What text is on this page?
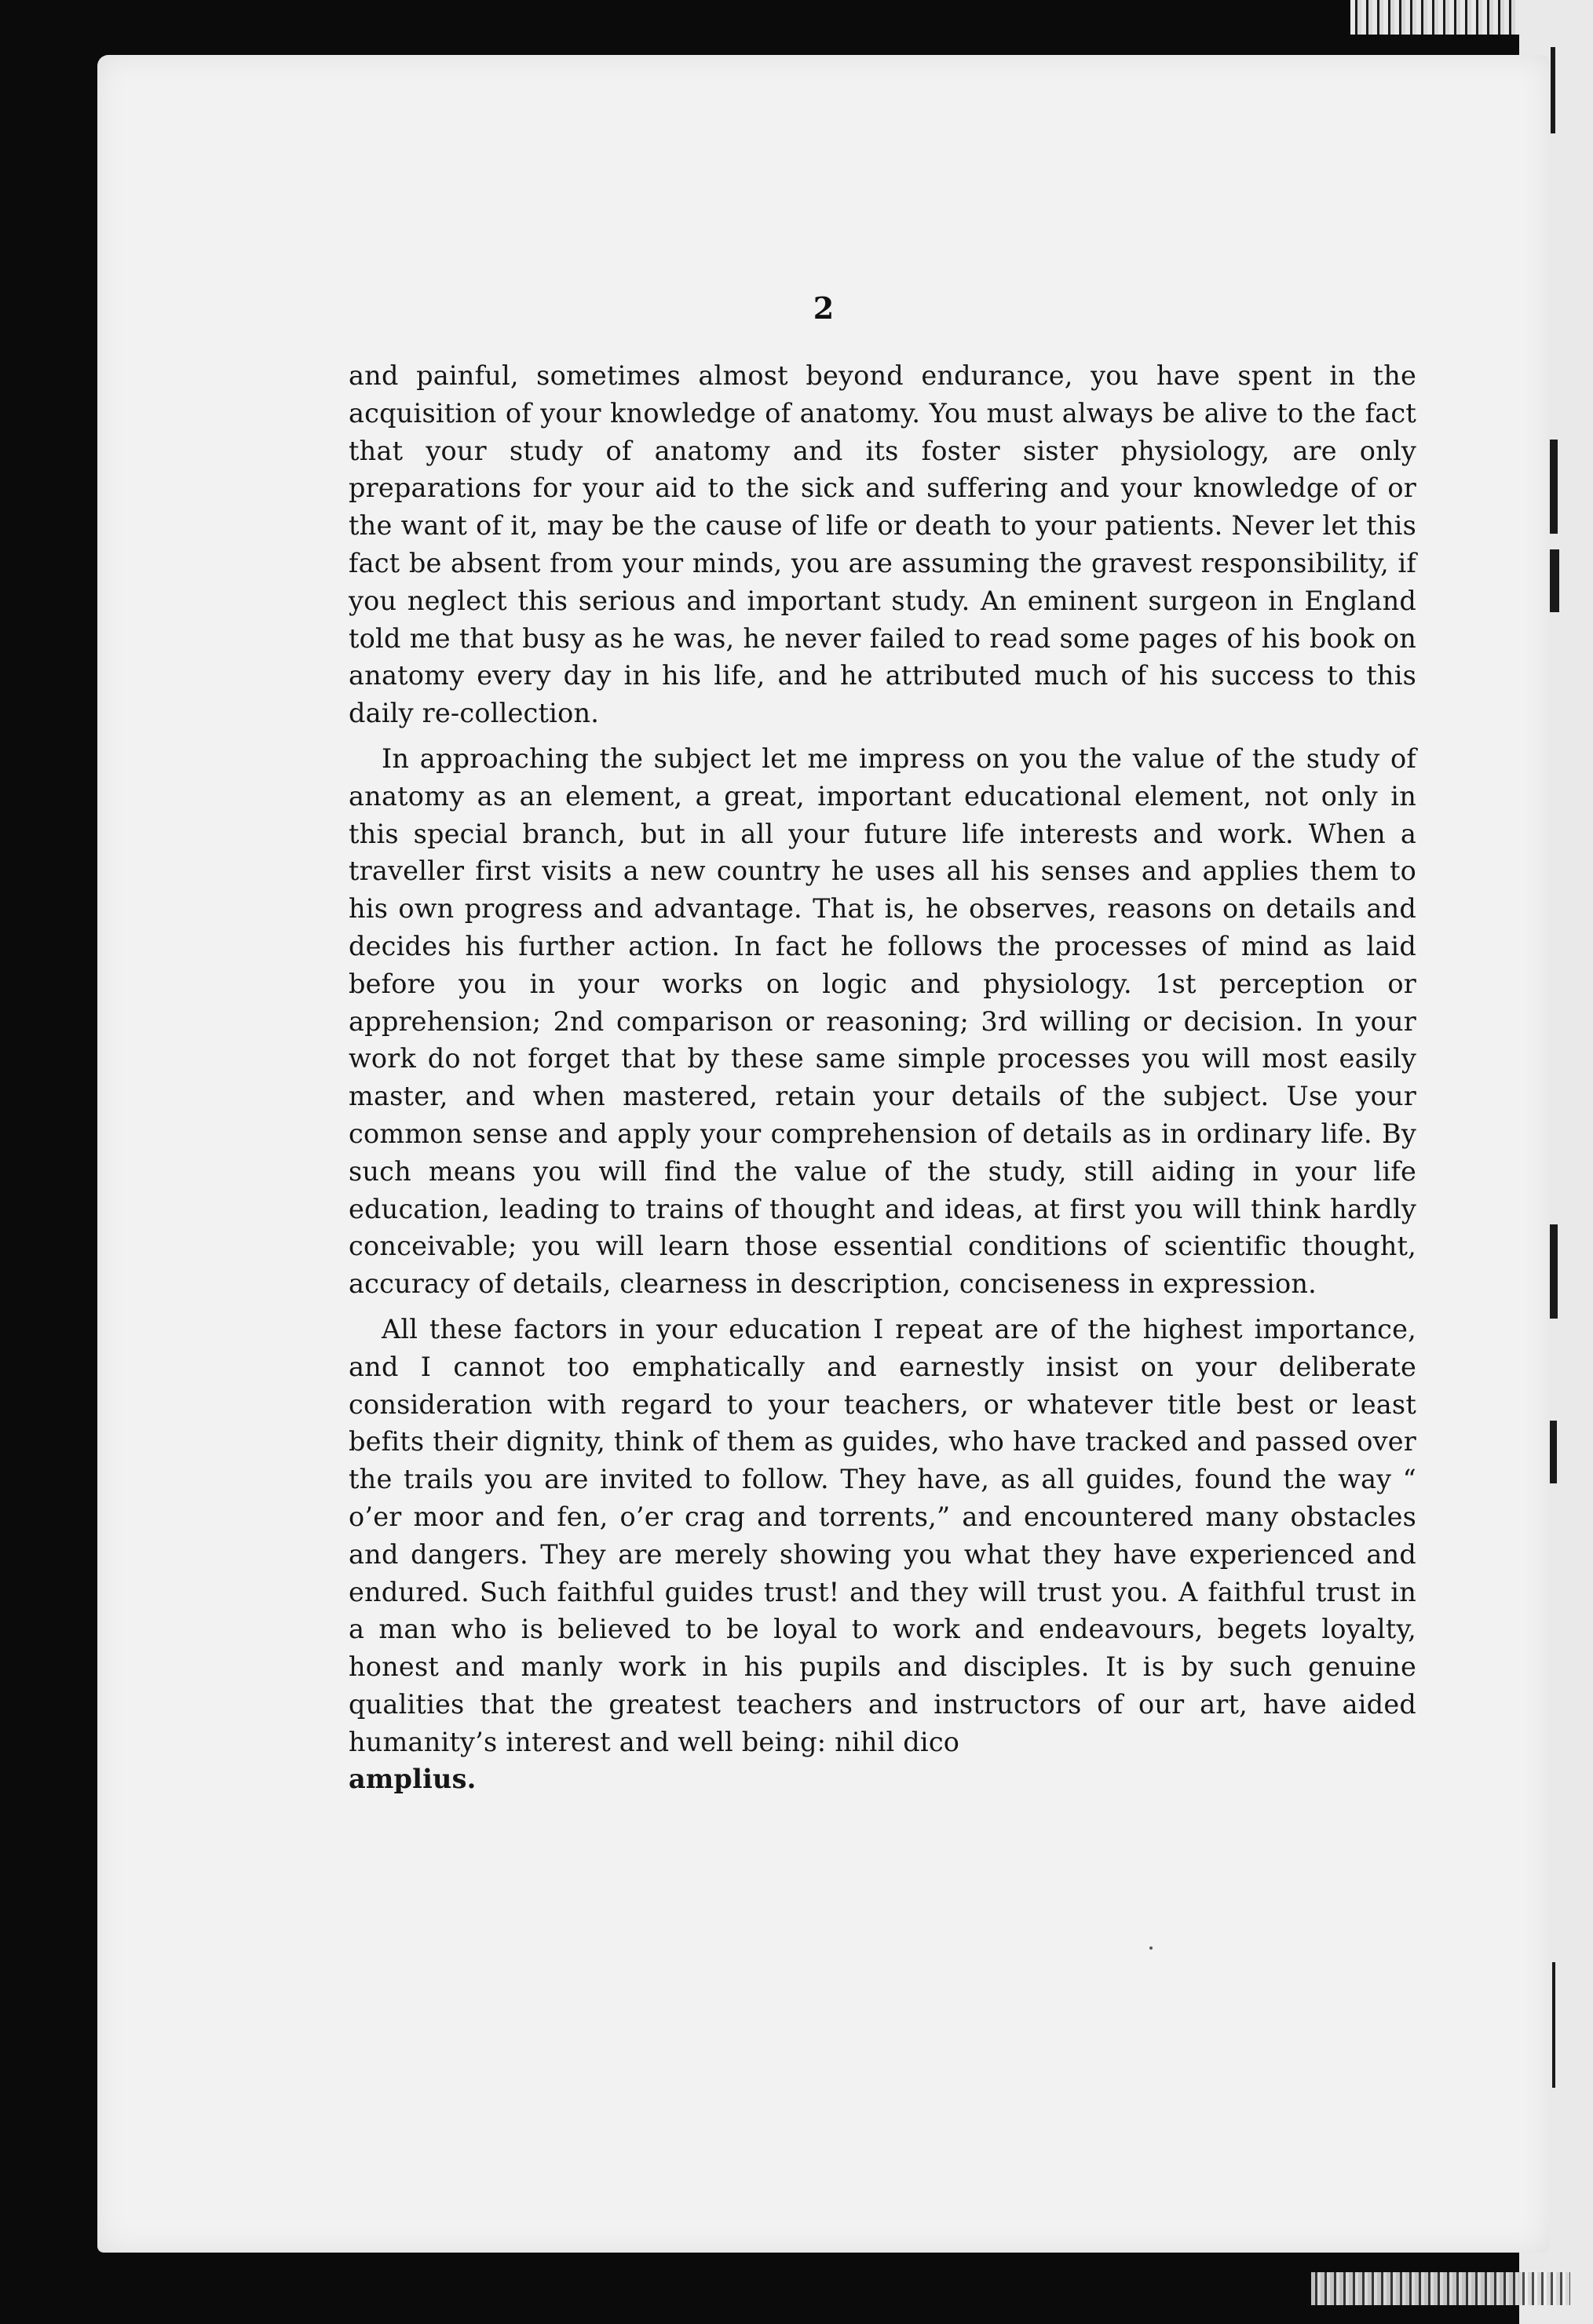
2

and painful, sometimes almost beyond endurance, you have spent in the acquisition of your knowledge of anatomy. You must always be alive to the fact that your study of anatomy and its foster sister physiology, are only preparations for your aid to the sick and suffering and your knowledge of or the want of it, may be the cause of life or death to your patients. Never let this fact be absent from your minds, you are assuming the gravest responsibility, if you neglect this serious and important study. An eminent surgeon in England told me that busy as he was, he never failed to read some pages of his book on anatomy every day in his life, and he attributed much of his success to this daily re-collection.

In approaching the subject let me impress on you the value of the study of anatomy as an element, a great, important educational element, not only in this special branch, but in all your future life interests and work. When a traveller first visits a new country he uses all his senses and applies them to his own progress and advantage. That is, he observes, reasons on details and decides his further action. In fact he follows the processes of mind as laid before you in your works on logic and physiology. 1st perception or apprehension; 2nd comparison or reasoning; 3rd willing or decision. In your work do not forget that by these same simple processes you will most easily master, and when mastered, retain your details of the subject. Use your common sense and apply your comprehension of details as in ordinary life. By such means you will find the value of the study, still aiding in your life education, leading to trains of thought and ideas, at first you will think hardly conceivable; you will learn those essential conditions of scientific thought, accuracy of details, clearness in description, conciseness in expression.

All these factors in your education I repeat are of the highest importance, and I cannot too emphatically and earnestly insist on your deliberate consideration with regard to your teachers, or whatever title best or least befits their dignity, think of them as guides, who have tracked and passed over the trails you are invited to follow. They have, as all guides, found the way “ o’er moor and fen, o’er crag and torrents,” and encountered many obstacles and dangers. They are merely showing you what they have experienced and endured. Such faithful guides trust! and they will trust you. A faithful trust in a man who is believed to be loyal to work and endeavours, begets loyalty, honest and manly work in his pupils and disciples. It is by such genuine qualities that the greatest teachers and instructors of our art, have aided humanity’s interest and well being: nihil dico

amplius.
